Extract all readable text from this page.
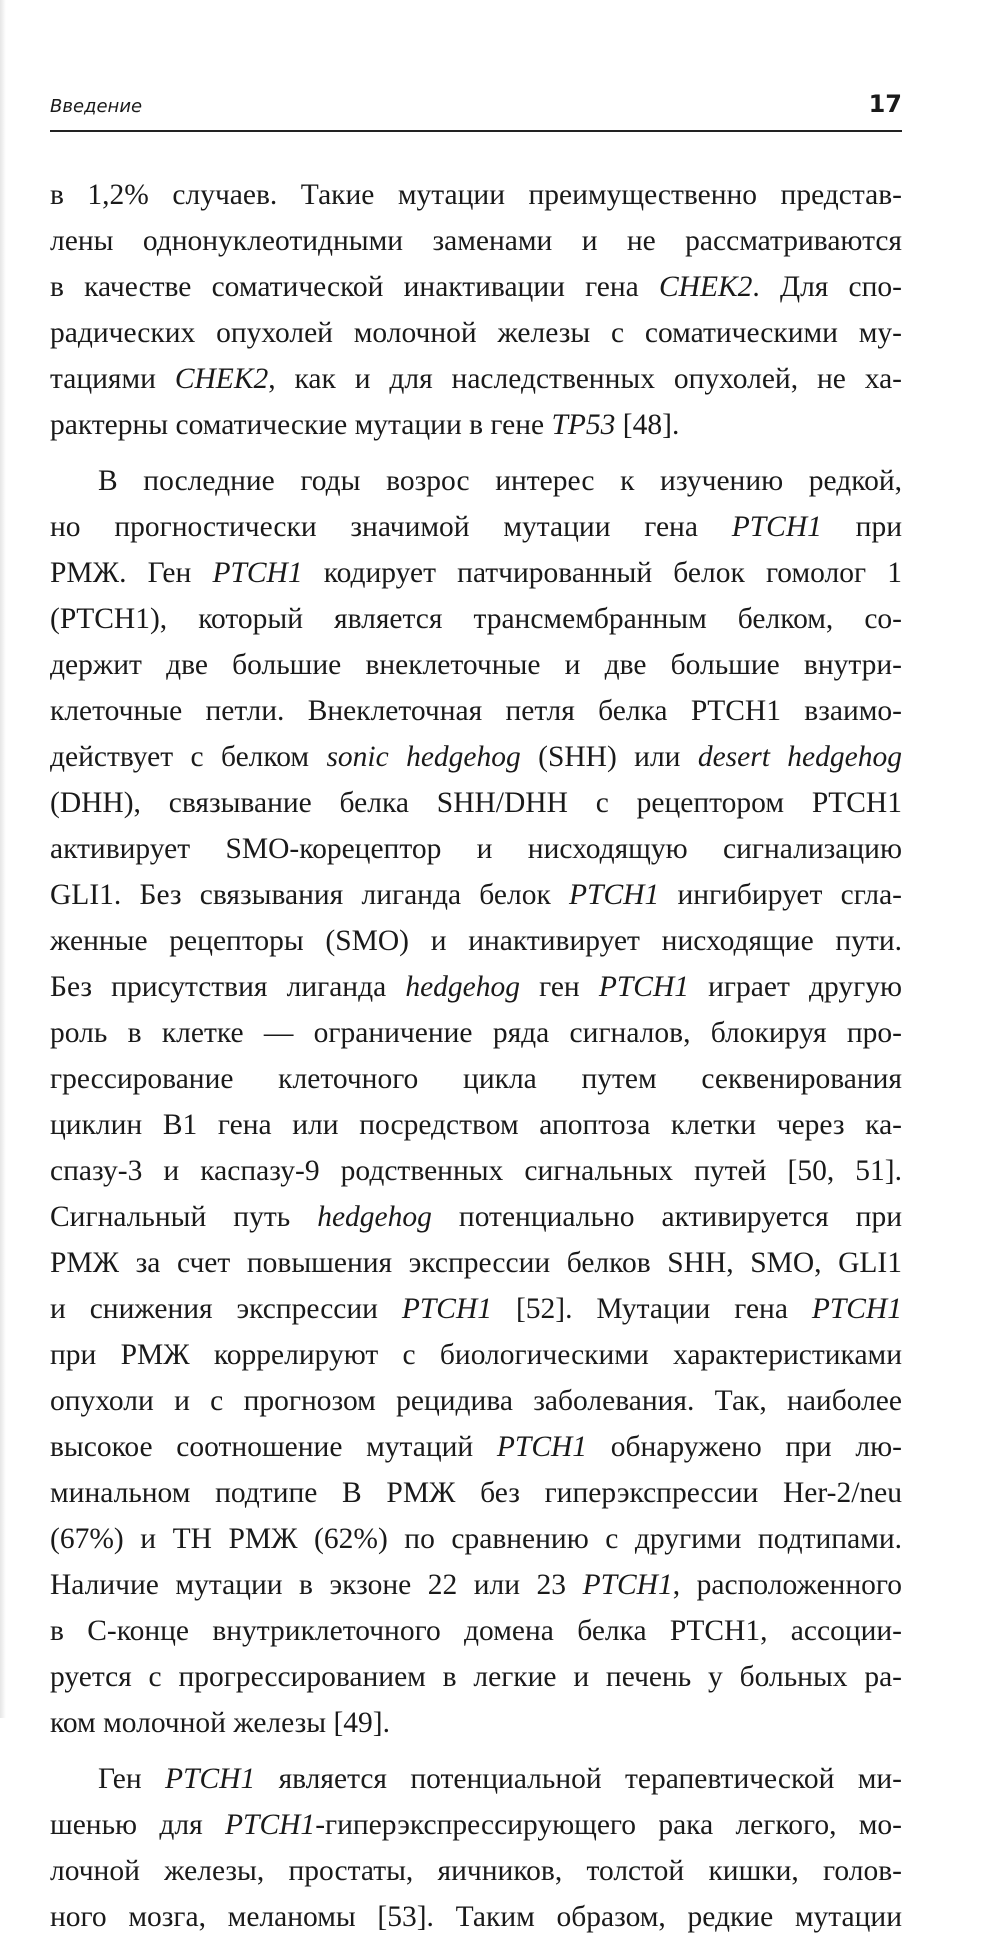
Введение	17
в 1,2% случаев. Такие мутации преимущественно представ-
лены однонуклеотидными заменами и не рассматриваются
в качестве соматической инактивации гена CHEK2. Для спо-
радических опухолей молочной железы с соматическими му-
тациями CHEK2, как и для наследственных опухолей, не ха-
рактерны соматические мутации в гене TP53 [48].
В последние годы возрос интерес к изучению редкой,
но прогностически значимой мутации гена PTCH1 при
РМЖ. Ген PTCH1 кодирует патчированный белок гомолог 1
(PTCH1), который является трансмембранным белком, со-
держит две большие внеклеточные и две большие внутри-
клеточные петли. Внеклеточная петля белка PTCH1 взаимо-
действует с белком sonic hedgehog (SHH) или desert hedgehog
(DHH), связывание белка SHH/DHH с рецептором PTCH1
активирует SMO-корецептор и нисходящую сигнализацию
GLI1. Без связывания лиганда белок PTCH1 ингибирует сгла-
женные рецепторы (SMO) и инактивирует нисходящие пути.
Без присутствия лиганда hedgehog ген PTCH1 играет другую
роль в клетке — ограничение ряда сигналов, блокируя про-
грессирование клеточного цикла путем секвенирования
циклин B1 гена или посредством апоптоза клетки через ка-
спазу-3 и каспазу-9 родственных сигнальных путей [50, 51].
Сигнальный путь hedgehog потенциально активируется при
РМЖ за счет повышения экспрессии белков SHH, SMO, GLI1
и снижения экспрессии PTCH1 [52]. Мутации гена PTCH1
при РМЖ коррелируют с биологическими характеристиками
опухоли и с прогнозом рецидива заболевания. Так, наиболее
высокое соотношение мутаций PTCH1 обнаружено при лю-
минальном подтипе B РМЖ без гиперэкспрессии Her-2/neu
(67%) и ТН РМЖ (62%) по сравнению с другими подтипами.
Наличие мутации в экзоне 22 или 23 PTCH1, расположенного
в С-конце внутриклеточного домена белка PTCH1, ассоции-
руется с прогрессированием в легкие и печень у больных ра-
ком молочной железы [49].
Ген PTCH1 является потенциальной терапевтической ми-
шенью для PTCH1-гиперэкспрессирующего рака легкого, мо-
лочной железы, простаты, яичников, толстой кишки, голов-
ного мозга, меланомы [53]. Таким образом, редкие мутации
